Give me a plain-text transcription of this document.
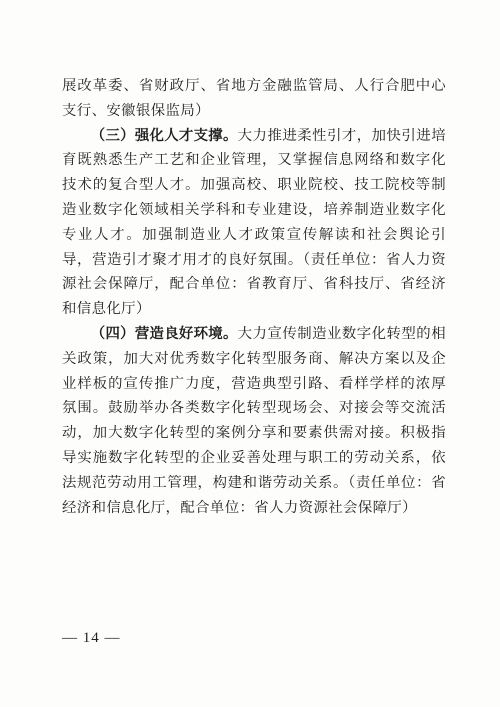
展改革委、省财政厅、省地方金融监管局、人行合肥中心支行、安徽银保监局）

（三）强化人才支撑。大力推进柔性引才，加快引进培育既熟悉生产工艺和企业管理，又掌握信息网络和数字化技术的复合型人才。加强高校、职业院校、技工院校等制造业数字化领域相关学科和专业建设，培养制造业数字化专业人才。加强制造业人才政策宣传解读和社会舆论引导，营造引才聚才用才的良好氛围。（责任单位：省人力资源社会保障厅，配合单位：省教育厅、省科技厅、省经济和信息化厅）

（四）营造良好环境。大力宣传制造业数字化转型的相关政策，加大对优秀数字化转型服务商、解决方案以及企业样板的宣传推广力度，营造典型引路、看样学样的浓厚氛围。鼓励举办各类数字化转型现场会、对接会等交流活动，加大数字化转型的案例分享和要素供需对接。积极指导实施数字化转型的企业妥善处理与职工的劳动关系，依法规范劳动用工管理，构建和谐劳动关系。（责任单位：省经济和信息化厅，配合单位：省人力资源社会保障厅）

— 14 —
